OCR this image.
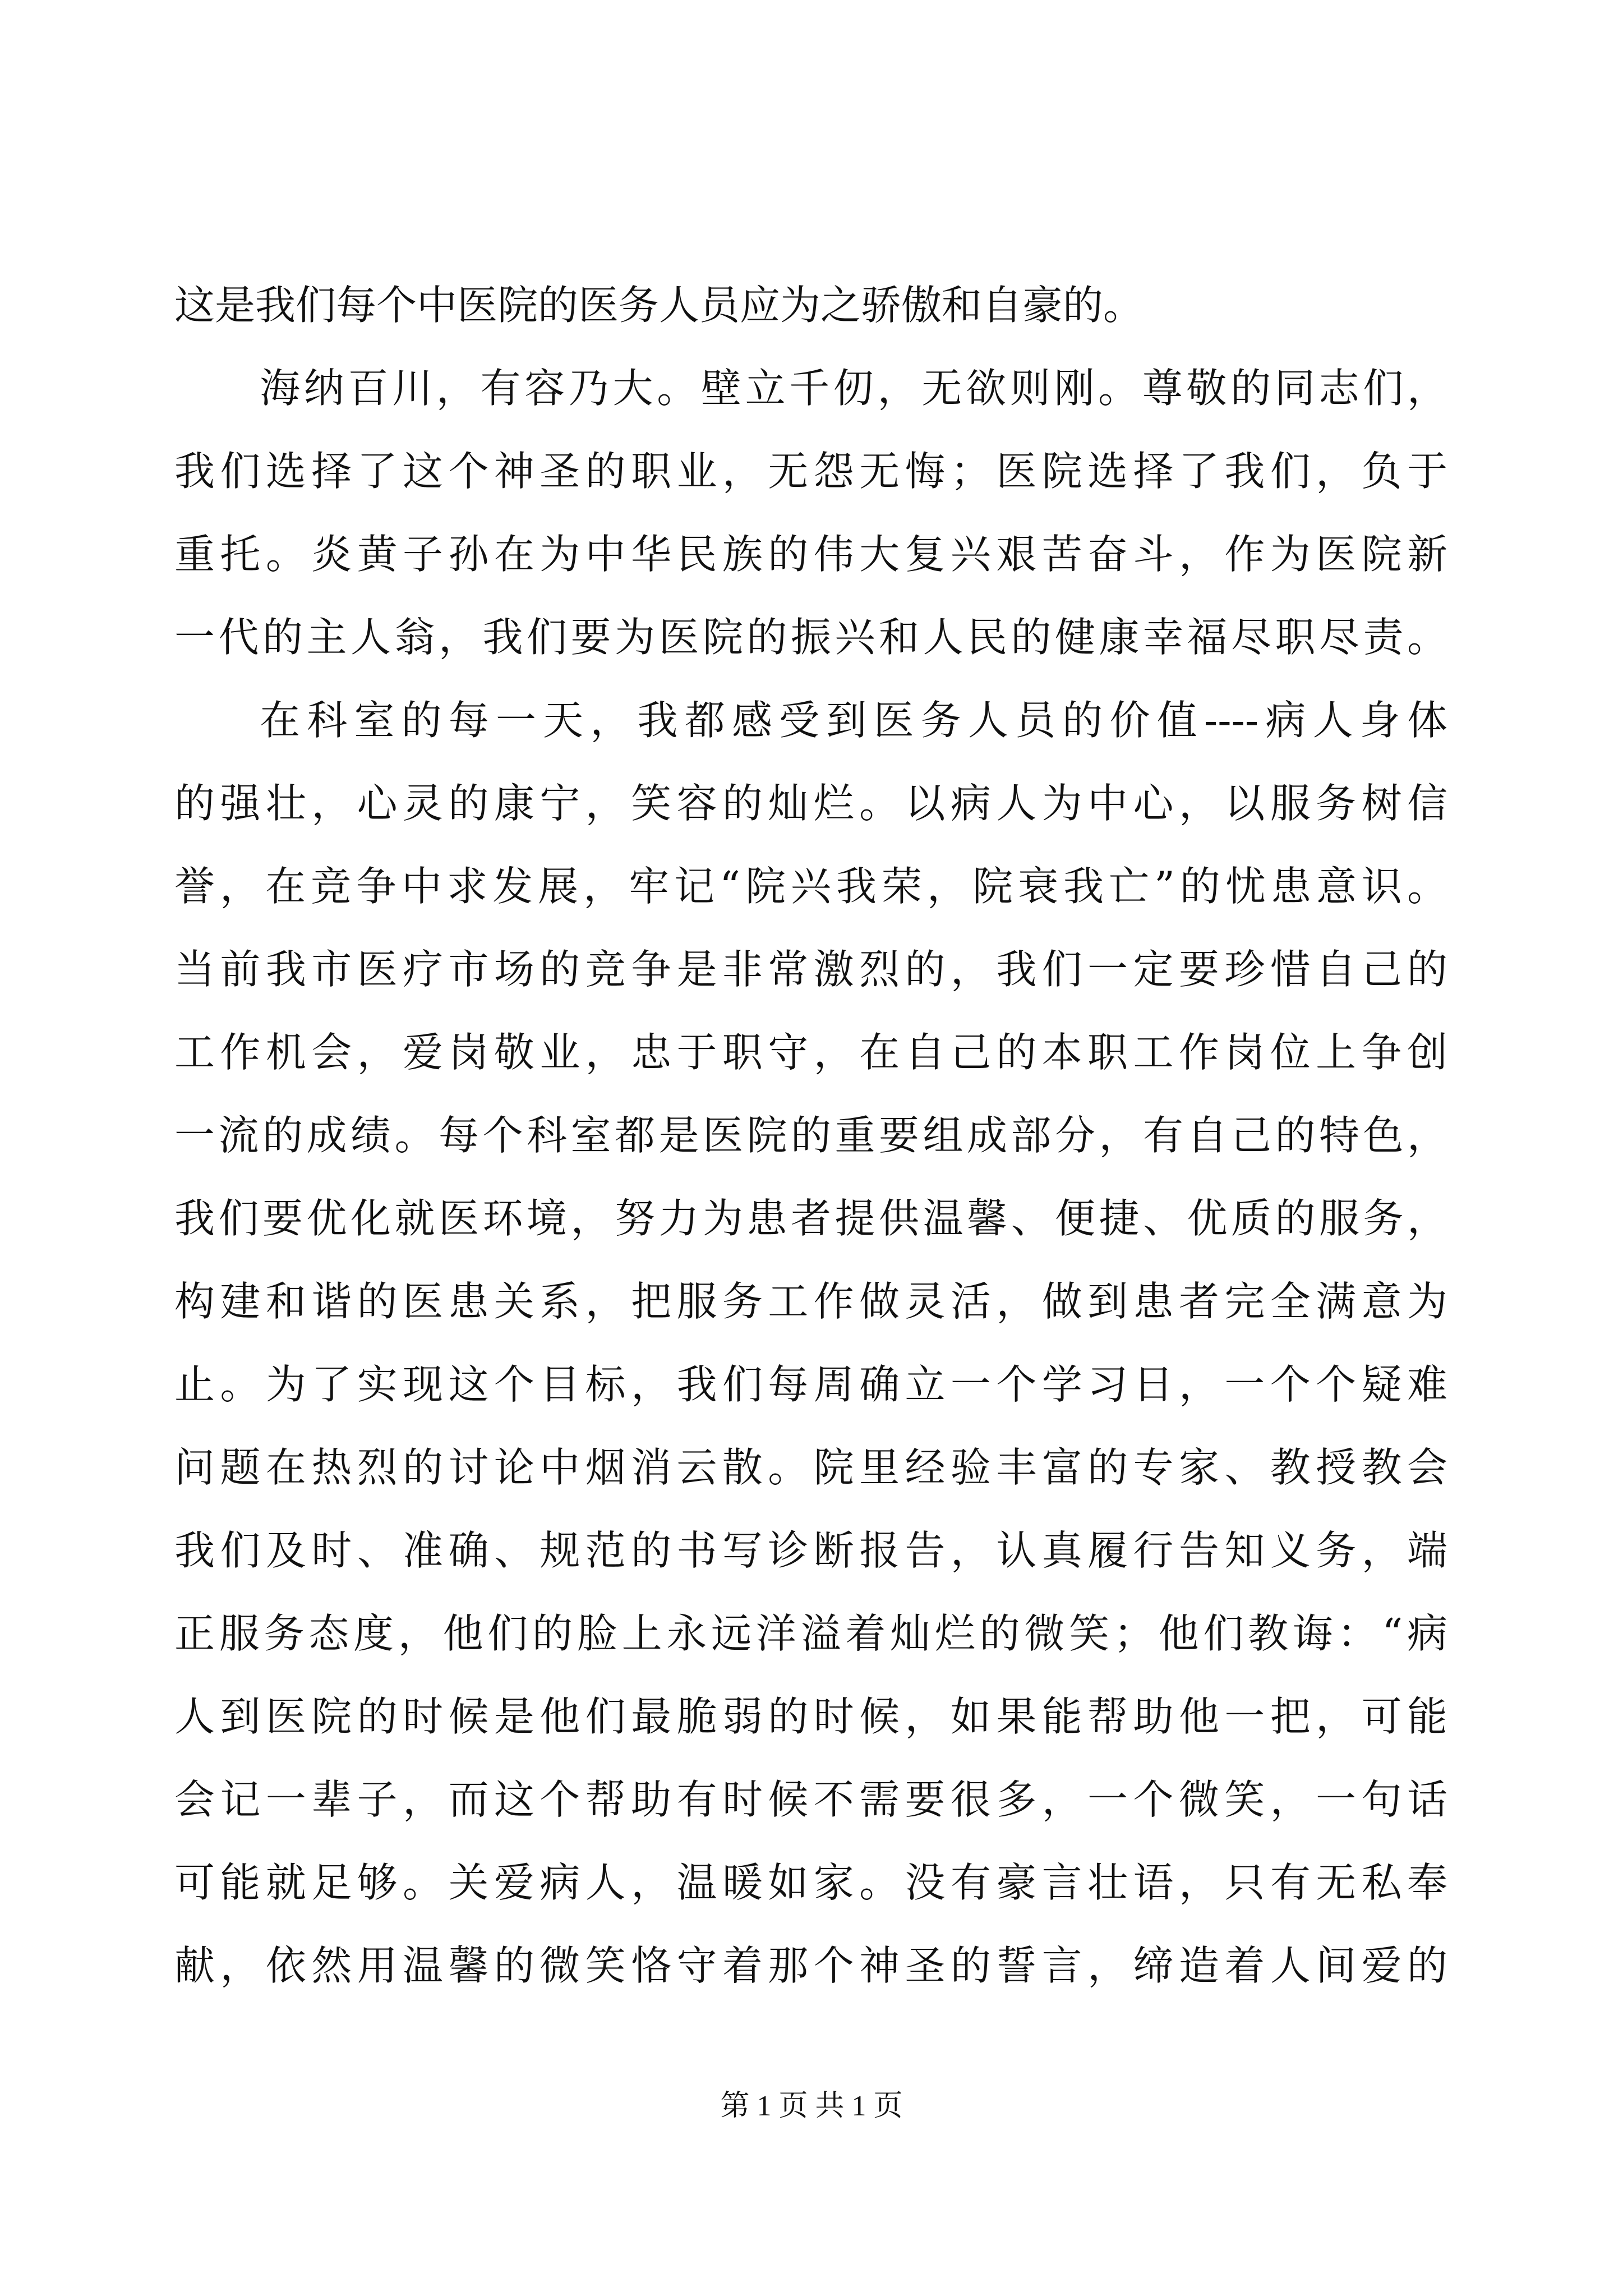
这是我们每个中医院的医务人员应为之骄傲和自豪的。
海纳百川，有容乃大。壁立千仞，无欲则刚。尊敬的同志们，
我们选择了这个神圣的职业，无怨无悔；医院选择了我们，负于
重托。炎黄子孙在为中华民族的伟大复兴艰苦奋斗，作为医院新
一代的主人翁，我们要为医院的振兴和人民的健康幸福尽职尽责。
在科室的每一天，我都感受到医务人员的价值----病人身体
的强壮，心灵的康宁，笑容的灿烂。以病人为中心，以服务树信
誉，在竞争中求发展，牢记“院兴我荣，院衰我亡”的忧患意识。
当前我市医疗市场的竞争是非常激烈的，我们一定要珍惜自己的
工作机会，爱岗敬业，忠于职守，在自己的本职工作岗位上争创
一流的成绩。每个科室都是医院的重要组成部分，有自己的特色，
我们要优化就医环境，努力为患者提供温馨、便捷、优质的服务，
构建和谐的医患关系，把服务工作做灵活，做到患者完全满意为
止。为了实现这个目标，我们每周确立一个学习日，一个个疑难
问题在热烈的讨论中烟消云散。院里经验丰富的专家、教授教会
我们及时、准确、规范的书写诊断报告，认真履行告知义务，端
正服务态度，他们的脸上永远洋溢着灿烂的微笑；他们教诲：“病
人到医院的时候是他们最脆弱的时候，如果能帮助他一把，可能
会记一辈子，而这个帮助有时候不需要很多，一个微笑，一句话
可能就足够。关爱病人，温暖如家。没有豪言壮语，只有无私奉
献，依然用温馨的微笑恪守着那个神圣的誓言，缔造着人间爱的
第 1 页 共 1 页
